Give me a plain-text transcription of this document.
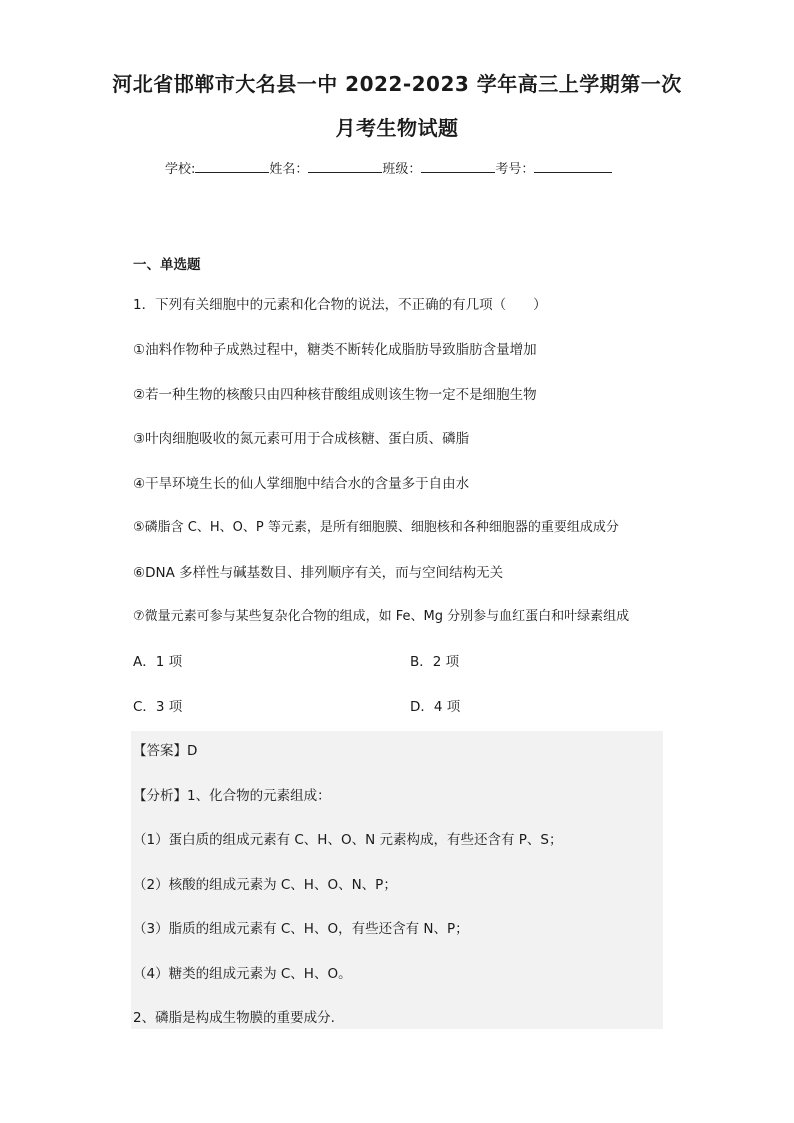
河北省邯郸市大名县一中 2022-2023 学年高三上学期第一次
月考生物试题
学校:	姓名：	班级：	考号：
一、单选题
1．下列有关细胞中的元素和化合物的说法，不正确的有几项（　　）
①油料作物种子成熟过程中，糖类不断转化成脂肪导致脂肪含量增加
②若一种生物的核酸只由四种核苷酸组成则该生物一定不是细胞生物
③叶肉细胞吸收的氮元素可用于合成核糖、蛋白质、磷脂
④干旱环境生长的仙人掌细胞中结合水的含量多于自由水
⑤磷脂含 C、H、O、P 等元素，是所有细胞膜、细胞核和各种细胞器的重要组成成分
⑥DNA 多样性与碱基数目、排列顺序有关，而与空间结构无关
⑦微量元素可参与某些复杂化合物的组成，如 Fe、Mg 分别参与血红蛋白和叶绿素组成
A．1 项	B．2 项
C．3 项	D．4 项
【答案】D
【分析】1、化合物的元素组成：
（1）蛋白质的组成元素有 C、H、O、N 元素构成，有些还含有 P、S；
（2）核酸的组成元素为 C、H、O、N、P；
（3）脂质的组成元素有 C、H、O，有些还含有 N、P；
（4）糖类的组成元素为 C、H、O。
2、磷脂是构成生物膜的重要成分.
